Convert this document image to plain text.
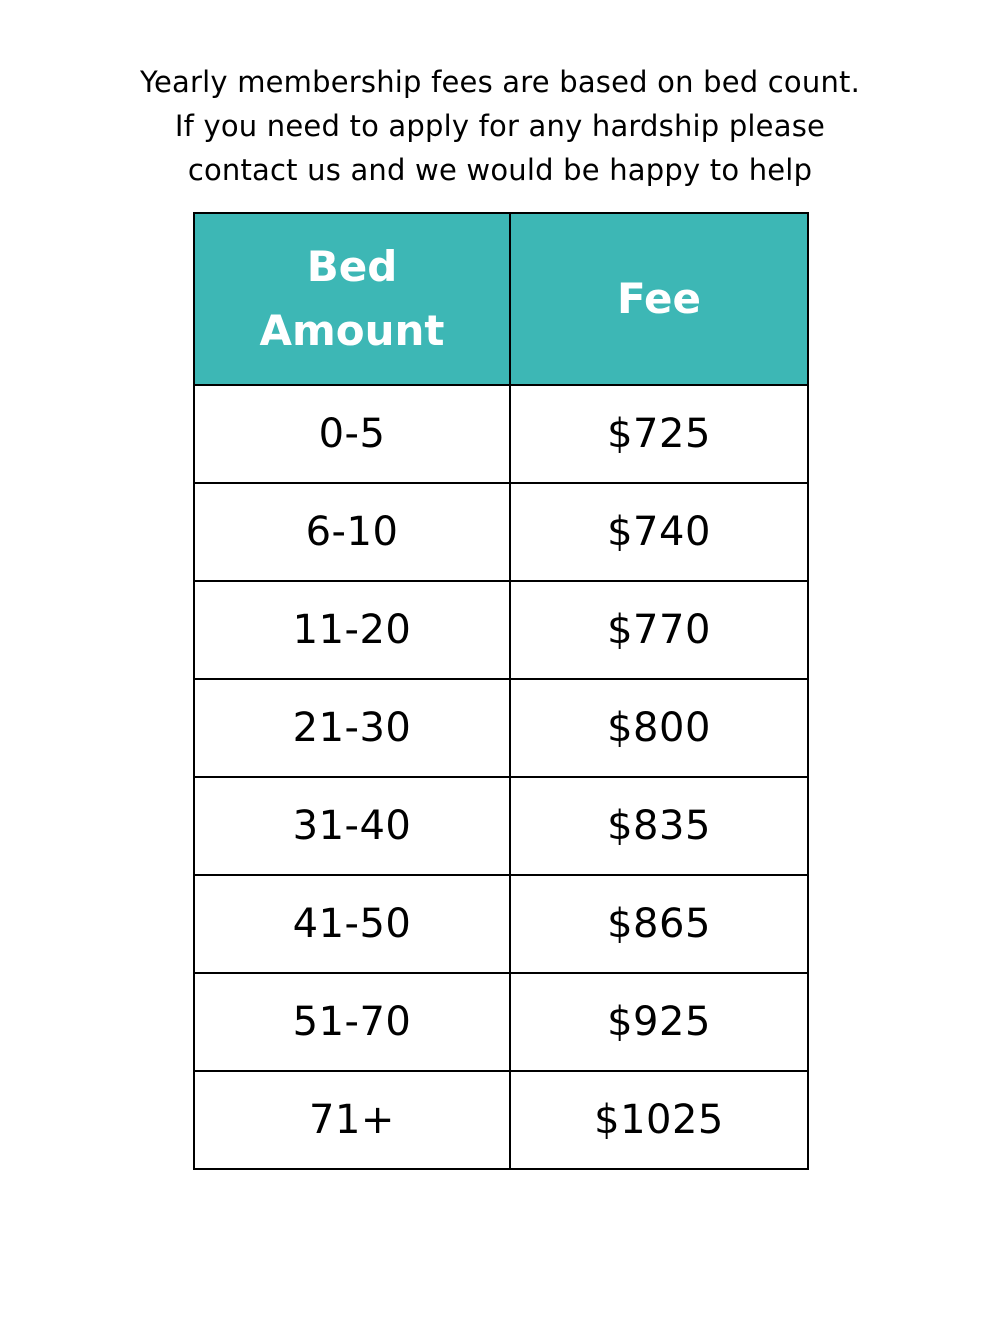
Yearly membership fees are based on bed count.
If you need to apply for any hardship please
contact us and we would be happy to help
Bed
Amount	Fee
0-5	$725
6-10	$740
11-20	$770
21-30	$800
31-40	$835
41-50	$865
51-70	$925
71+	$1025
